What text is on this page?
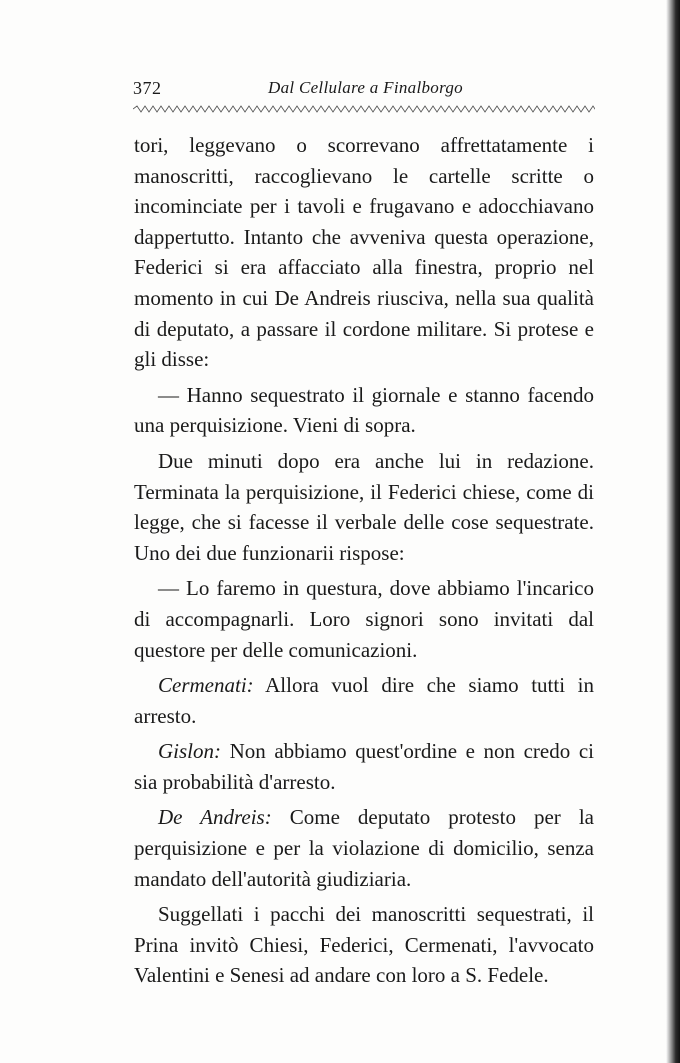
372	Dal Cellulare a Finalborgo

tori, leggevano o scorrevano affrettatamente i manoscritti, raccoglievano le cartelle scritte o incominciate per i tavoli e frugavano e adocchiavano dappertutto. Intanto che avveniva questa operazione, Federici si era affacciato alla finestra, proprio nel momento in cui De Andreis riusciva, nella sua qualità di deputato, a passare il cordone militare. Si protese e gli disse:

— Hanno sequestrato il giornale e stanno facendo una perquisizione. Vieni di sopra.

Due minuti dopo era anche lui in redazione. Terminata la perquisizione, il Federici chiese, come di legge, che si facesse il verbale delle cose sequestrate. Uno dei due funzionarii rispose:

— Lo faremo in questura, dove abbiamo l'incarico di accompagnarli. Loro signori sono invitati dal questore per delle comunicazioni.

Cermenati: Allora vuol dire che siamo tutti in arresto.

Gislon: Non abbiamo quest'ordine e non credo ci sia probabilità d'arresto.

De Andreis: Come deputato protesto per la perquisizione e per la violazione di domicilio, senza mandato dell'autorità giudiziaria.

Suggellati i pacchi dei manoscritti sequestrati, il Prina invitò Chiesi, Federici, Cermenati, l'avvocato Valentini e Senesi ad andare con loro a S. Fedele.
